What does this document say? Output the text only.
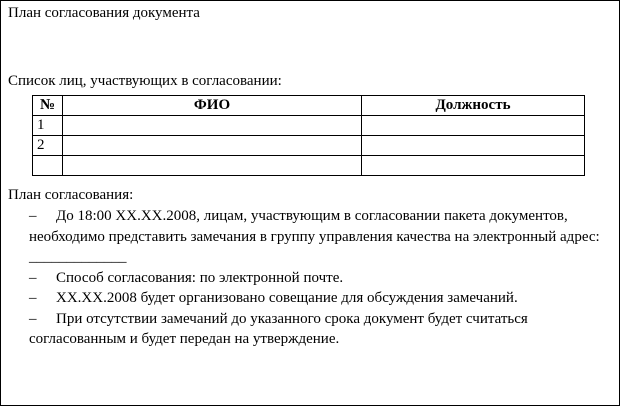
План согласования документа
Список лиц, участвующих в согласовании:
№	ФИО	Должность
1		
2		

План согласования:

– До 18:00 XX.XX.2008, лицам, участвующим в согласовании пакета документов, необходимо представить замечания в группу управления качества на электронный адрес: _____________

– Способ согласования: по электронной почте.

– XX.XX.2008 будет организовано совещание для обсуждения замечаний.

– При отсутствии замечаний до указанного срока документ будет считаться согласованным и будет передан на утверждение.
